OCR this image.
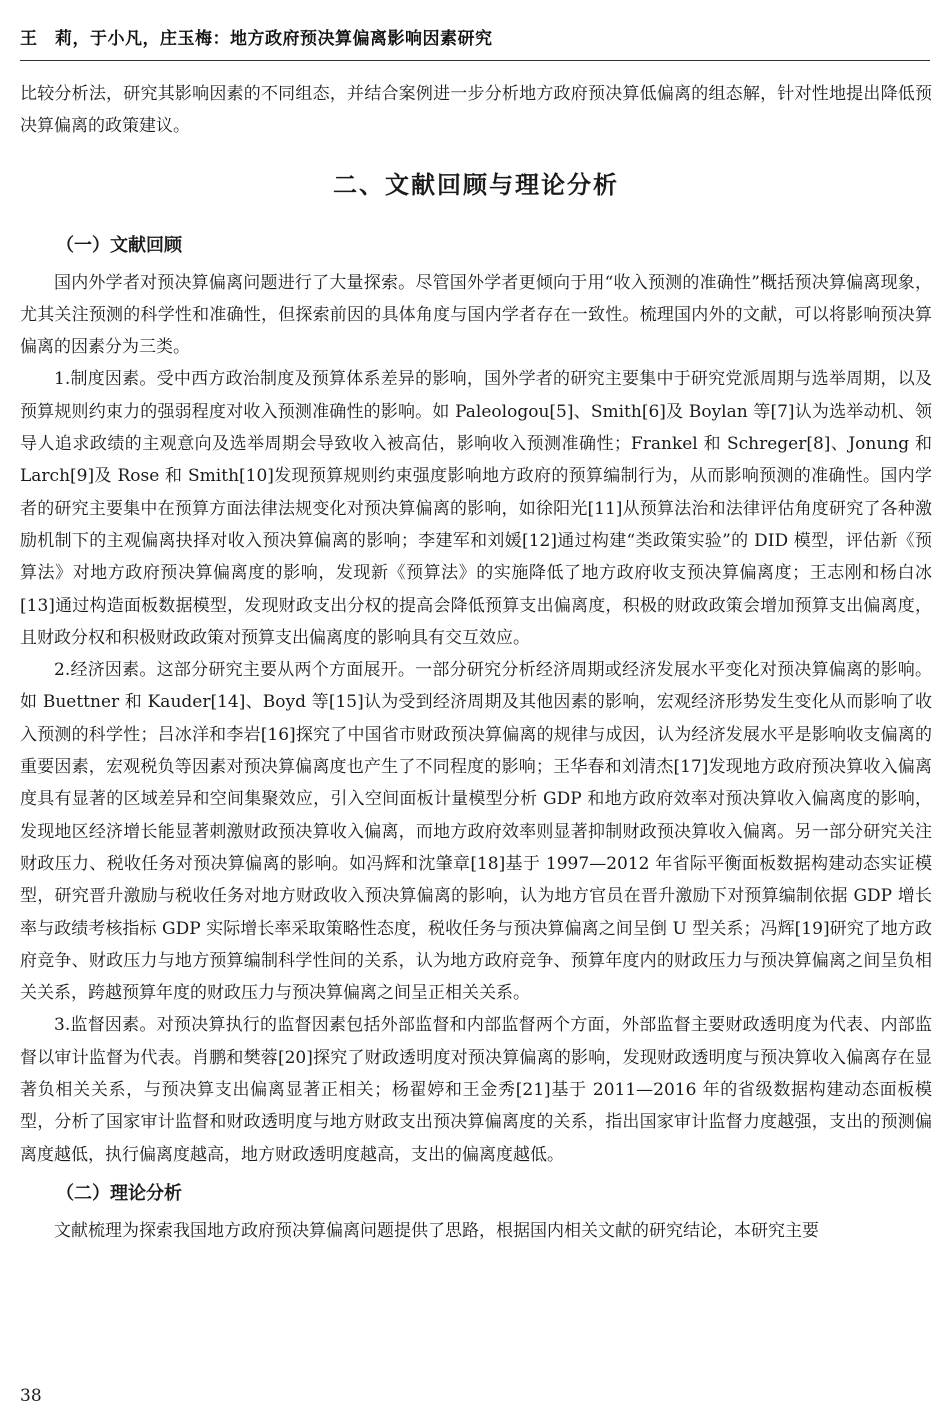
王　莉，于小凡，庄玉梅：地方政府预决算偏离影响因素研究

比较分析法，研究其影响因素的不同组态，并结合案例进一步分析地方政府预决算低偏离的组态解，针对性地提出降低预决算偏离的政策建议。

二、文献回顾与理论分析

（一）文献回顾

国内外学者对预决算偏离问题进行了大量探索。尽管国外学者更倾向于用“收入预测的准确性”概括预决算偏离现象，尤其关注预测的科学性和准确性，但探索前因的具体角度与国内学者存在一致性。梳理国内外的文献，可以将影响预决算偏离的因素分为三类。

1.制度因素。受中西方政治制度及预算体系差异的影响，国外学者的研究主要集中于研究党派周期与选举周期，以及预算规则约束力的强弱程度对收入预测准确性的影响。如 Paleologou[5]、Smith[6]及 Boylan 等[7]认为选举动机、领导人追求政绩的主观意向及选举周期会导致收入被高估，影响收入预测准确性；Frankel 和 Schreger[8]、Jonung 和 Larch[9]及 Rose 和 Smith[10]发现预算规则约束强度影响地方政府的预算编制行为，从而影响预测的准确性。国内学者的研究主要集中在预算方面法律法规变化对预决算偏离的影响，如徐阳光[11]从预算法治和法律评估角度研究了各种激励机制下的主观偏离抉择对收入预决算偏离的影响；李建军和刘媛[12]通过构建“类政策实验”的 DID 模型，评估新《预算法》对地方政府预决算偏离度的影响，发现新《预算法》的实施降低了地方政府收支预决算偏离度；王志刚和杨白冰[13]通过构造面板数据模型，发现财政支出分权的提高会降低预算支出偏离度，积极的财政政策会增加预算支出偏离度，且财政分权和积极财政政策对预算支出偏离度的影响具有交互效应。

2.经济因素。这部分研究主要从两个方面展开。一部分研究分析经济周期或经济发展水平变化对预决算偏离的影响。如 Buettner 和 Kauder[14]、Boyd 等[15]认为受到经济周期及其他因素的影响，宏观经济形势发生变化从而影响了收入预测的科学性；吕冰洋和李岩[16]探究了中国省市财政预决算偏离的规律与成因，认为经济发展水平是影响收支偏离的重要因素，宏观税负等因素对预决算偏离度也产生了不同程度的影响；王华春和刘清杰[17]发现地方政府预决算收入偏离度具有显著的区域差异和空间集聚效应，引入空间面板计量模型分析 GDP 和地方政府效率对预决算收入偏离度的影响，发现地区经济增长能显著刺激财政预决算收入偏离，而地方政府效率则显著抑制财政预决算收入偏离。另一部分研究关注财政压力、税收任务对预决算偏离的影响。如冯辉和沈肇章[18]基于 1997—2012 年省际平衡面板数据构建动态实证模型，研究晋升激励与税收任务对地方财政收入预决算偏离的影响，认为地方官员在晋升激励下对预算编制依据 GDP 增长率与政绩考核指标 GDP 实际增长率采取策略性态度，税收任务与预决算偏离之间呈倒 U 型关系；冯辉[19]研究了地方政府竞争、财政压力与地方预算编制科学性间的关系，认为地方政府竞争、预算年度内的财政压力与预决算偏离之间呈负相关关系，跨越预算年度的财政压力与预决算偏离之间呈正相关关系。

3.监督因素。对预决算执行的监督因素包括外部监督和内部监督两个方面，外部监督主要财政透明度为代表、内部监督以审计监督为代表。肖鹏和樊蓉[20]探究了财政透明度对预决算偏离的影响，发现财政透明度与预决算收入偏离存在显著负相关关系，与预决算支出偏离显著正相关；杨翟婷和王金秀[21]基于 2011—2016 年的省级数据构建动态面板模型，分析了国家审计监督和财政透明度与地方财政支出预决算偏离度的关系，指出国家审计监督力度越强，支出的预测偏离度越低，执行偏离度越高，地方财政透明度越高，支出的偏离度越低。

（二）理论分析

文献梳理为探索我国地方政府预决算偏离问题提供了思路，根据国内相关文献的研究结论，本研究主要

38
